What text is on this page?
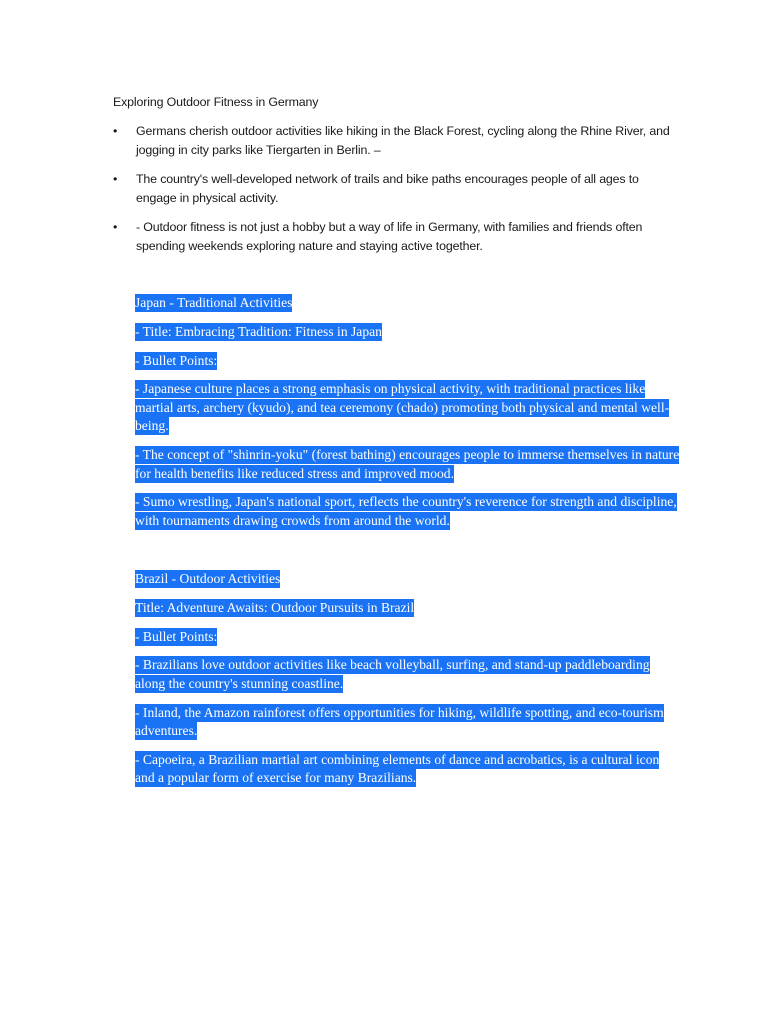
Exploring Outdoor Fitness in Germany
•	Germans cherish outdoor activities like hiking in the Black Forest, cycling along the Rhine River, and jogging in city parks like Tiergarten in Berlin. –
•	The country's well-developed network of trails and bike paths encourages people of all ages to engage in physical activity.
•	- Outdoor fitness is not just a hobby but a way of life in Germany, with families and friends often spending weekends exploring nature and staying active together.

Japan - Traditional Activities

- Title: Embracing Tradition: Fitness in Japan

- Bullet Points:

- Japanese culture places a strong emphasis on physical activity, with traditional practices like martial arts, archery (kyudo), and tea ceremony (chado) promoting both physical and mental well-being.

- The concept of "shinrin-yoku" (forest bathing) encourages people to immerse themselves in nature for health benefits like reduced stress and improved mood.

- Sumo wrestling, Japan's national sport, reflects the country's reverence for strength and discipline, with tournaments drawing crowds from around the world.

Brazil - Outdoor Activities

Title: Adventure Awaits: Outdoor Pursuits in Brazil

- Bullet Points:

- Brazilians love outdoor activities like beach volleyball, surfing, and stand-up paddleboarding along the country's stunning coastline.

- Inland, the Amazon rainforest offers opportunities for hiking, wildlife spotting, and eco-tourism adventures.

- Capoeira, a Brazilian martial art combining elements of dance and acrobatics, is a cultural icon and a popular form of exercise for many Brazilians.
